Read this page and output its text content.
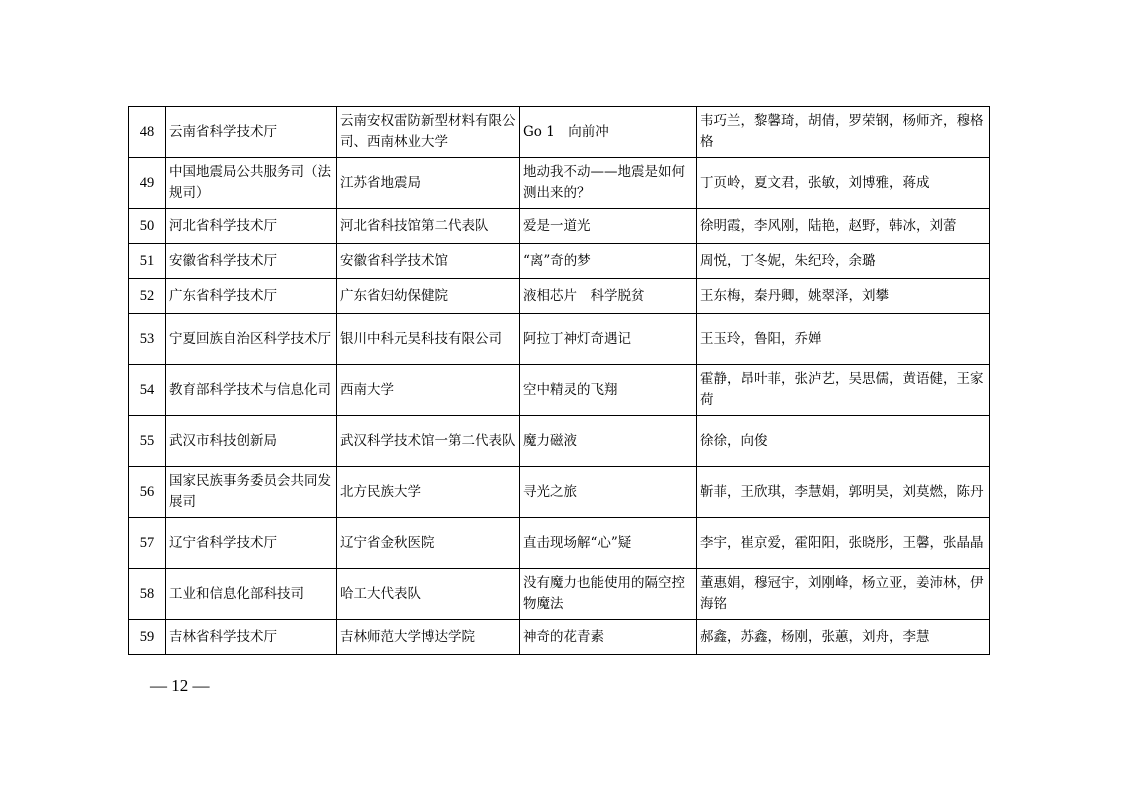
48	云南省科学技术厅	云南安权雷防新型材料有限公司、西南林业大学	Go 1　向前冲	韦巧兰，黎馨琦，胡倩，罗荣钢，杨师齐，穆格格
49	中国地震局公共服务司（法规司）	江苏省地震局	地动我不动——地震是如何测出来的？	丁页岭，夏文君，张敏，刘博雅，蒋成
50	河北省科学技术厅	河北省科技馆第二代表队	爱是一道光	徐明霞，李风刚，陆艳，赵野，韩冰，刘蕾
51	安徽省科学技术厅	安徽省科学技术馆	“离”奇的梦	周悦，丁冬妮，朱纪玲，余璐
52	广东省科学技术厅	广东省妇幼保健院	液相芯片　科学脱贫	王东梅，秦丹卿，姚翠泽，刘攀
53	宁夏回族自治区科学技术厅	银川中科元昊科技有限公司	阿拉丁神灯奇遇记	王玉玲，鲁阳，乔婵
54	教育部科学技术与信息化司	西南大学	空中精灵的飞翔	霍静，昂叶菲，张泸艺，吴思儒，黄语健，王家荷
55	武汉市科技创新局	武汉科学技术馆一第二代表队	魔力磁液	徐徐，向俊
56	国家民族事务委员会共同发展司	北方民族大学	寻光之旅	靳菲，王欣琪，李慧娟，郭明昊，刘莫燃，陈丹
57	辽宁省科学技术厅	辽宁省金秋医院	直击现场解“心”疑	李宇，崔京爱，霍阳阳，张晓彤，王馨，张晶晶
58	工业和信息化部科技司	哈工大代表队	没有魔力也能使用的隔空控物魔法	董惠娟，穆冠宇，刘刚峰，杨立亚，姜沛林，伊海铭
59	吉林省科学技术厅	吉林师范大学博达学院	神奇的花青素	郝鑫，苏鑫，杨刚，张蕙，刘舟，李慧
— 12 —
